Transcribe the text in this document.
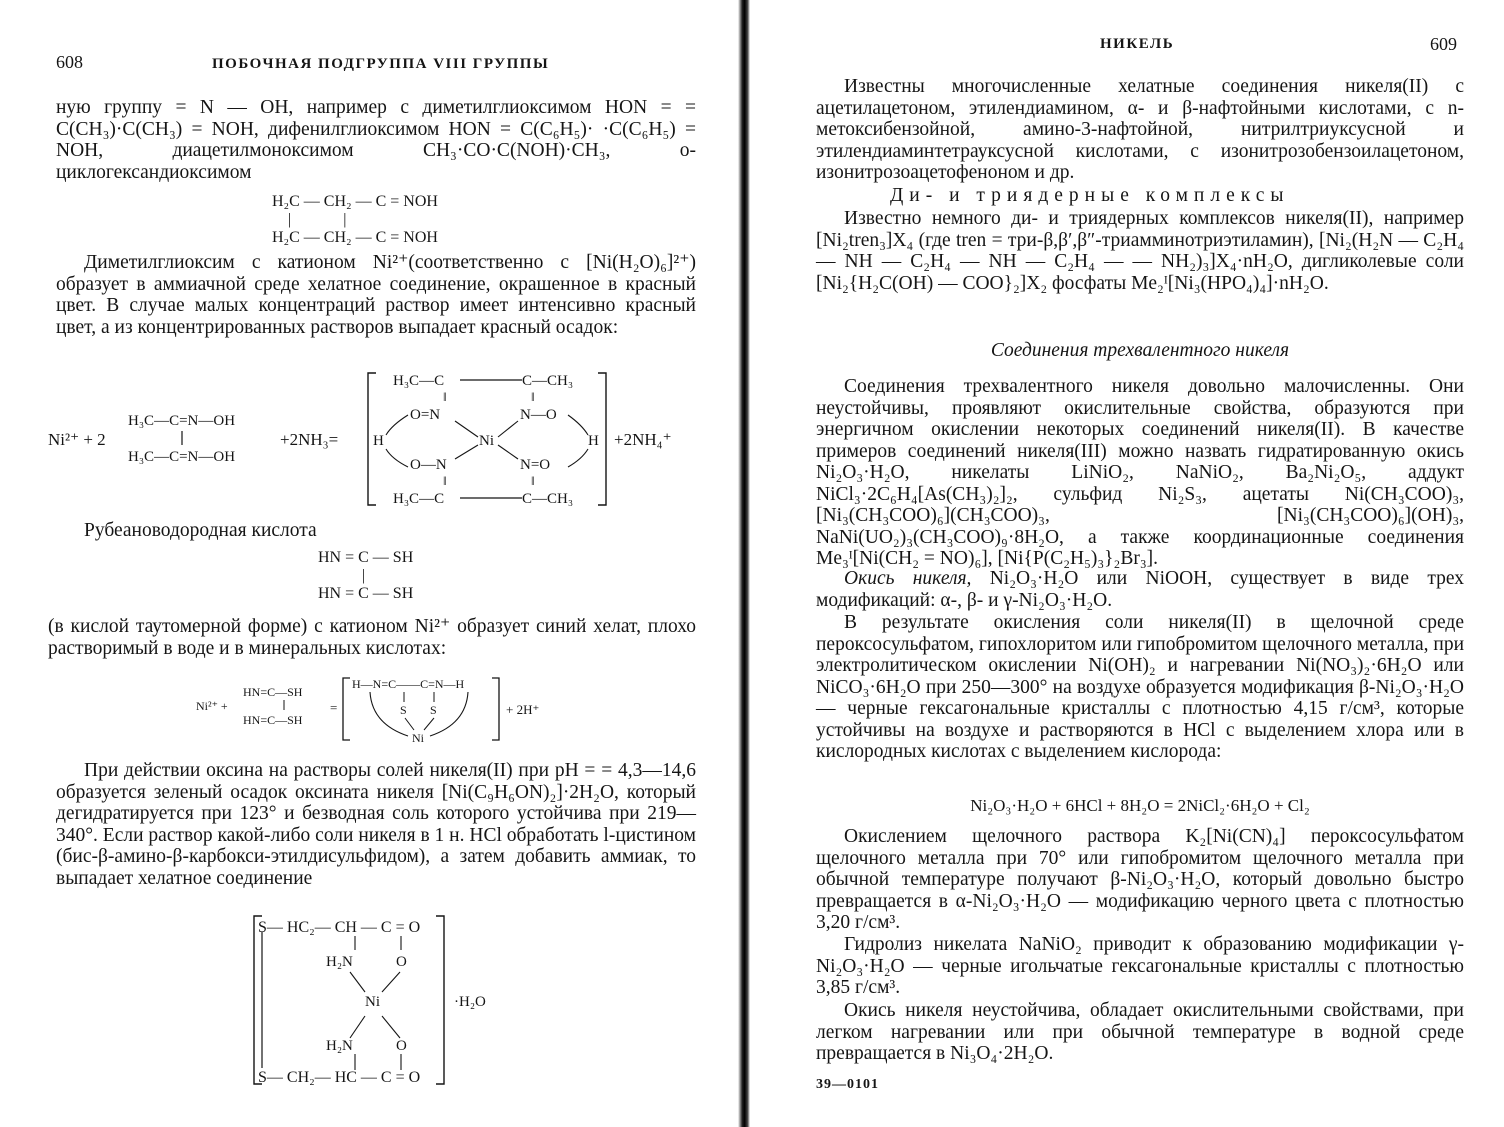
608	ПОБОЧНАЯ ПОДГРУППА VIII ГРУППЫ
ную группу = N — OH, например с диметилглиоксимом HON = = C(CH₃)·C(CH₃) = NOH, дифенилглиоксимом HON = C(C₆H₅)· ·C(C₆H₅) = NOH, диацетилмоноксимом CH₃·CO·C(NOH)·CH₃, о-циклогександиоксимом
H₂C — CH₂ — C = NOH
|             |
H₂C — CH₂ — C = NOH
Диметилглиоксим с катионом Ni²⁺(соответственно с [Ni(H₂O)₆]²⁺) образует в аммиачной среде хелатное соединение, окрашенное в красный цвет. В случае малых концентраций раствор имеет интенсивно красный цвет, а из концентрированных растворов выпадает красный осадок:
Ni²⁺ + 2
H₃C—C=N—OH
H₃C—C=N—OH
+2NH₃=
H₃C—C	C—CH₃
‖	‖
O=N	N—O
H	Ni	H
O—N	N=O
‖	‖
H₃C—C	C—CH₃
+2NH₄⁺
Рубеановодородная кислота
HN = C — SH
|
HN = C — SH
(в кислой таутомерной форме) с катионом Ni²⁺ образует синий хелат, плохо растворимый в воде и в минеральных кислотах:
Ni²⁺ +
HN=C—SH
HN=C—SH
=
H—N=C——C=N—H
S S
Ni
+ 2H⁺
При действии оксина на растворы солей никеля(II) при pH = = 4,3—14,6 образуется зеленый осадок оксината никеля [Ni(C₉H₆ON)₂]·2H₂O, который дегидратируется при 123° и безводная соль которого устойчива при 219—340°. Если раствор какой-либо соли никеля в 1 н. HCl обработать l-цистином (бис-β-амино-β-карбокси-этилдисульфидом), а затем добавить аммиак, то выпадает хелатное соединение
S— HC₂— CH — C = O
H₂N	O
Ni	·H₂O
H₂N	O
S— CH₂— HC — C = O
НИКЕЛЬ	609
Известны многочисленные хелатные соединения никеля(II) с ацетилацетоном, этилендиамином, α- и β-нафтойными кислотами, с n-метоксибензойной, амино-3-нафтойной, нитрилтриуксусной и этилендиаминтетрауксусной кислотами, с изонитрозобензоилацетоном, изонитрозоацетофеноном и др.
Ди- и триядерные комплексы
Известно немного ди- и триядерных комплексов никеля(II), например [Ni₂tren₃]X₄ (где tren = три-β,β′,β″-триамминотриэтиламин), [Ni₂(H₂N — C₂H₄ — NH — C₂H₄ — NH — C₂H₄ — — NH₂)₃]X₄·nH₂O, дигликолевые соли [Ni₂{H₂C(OH) — COO}₂]X₂ фосфаты Me₂ᴵ[Ni₃(HPO₄)₄]·nH₂O.
Соединения трехвалентного никеля
Соединения трехвалентного никеля довольно малочисленны. Они неустойчивы, проявляют окислительные свойства, образуются при энергичном окислении некоторых соединений никеля(II). В качестве примеров соединений никеля(III) можно назвать гидратированную окись Ni₂O₃·H₂O, никелаты LiNiO₂, NaNiO₂, Ba₂Ni₂O₅, аддукт NiCl₃·2C₆H₄[As(CH₃)₂]₂, сульфид Ni₂S₃, ацетаты Ni(CH₃COO)₃, [Ni₃(CH₃COO)₆](CH₃COO)₃, [Ni₃(CH₃COO)₆](OH)₃, NaNi(UO₂)₃(CH₃COO)₉·8H₂O, а также координационные соединения Me₃ᴵ[Ni(CH₂ = NO)₆], [Ni{P(C₂H₅)₃}₂Br₃].
Окись никеля, Ni₂O₃·H₂O или NiOOH, существует в виде трех модификаций: α-, β- и γ-Ni₂O₃·H₂O.
В результате окисления соли никеля(II) в щелочной среде пероксосульфатом, гипохлоритом или гипобромитом щелочного металла, при электролитическом окислении Ni(OH)₂ и нагревании Ni(NO₃)₂·6H₂O или NiCO₃·6H₂O при 250—300° на воздухе образуется модификация β-Ni₂O₃·H₂O — черные гексагональные кристаллы с плотностью 4,15 г/см³, которые устойчивы на воздухе и растворяются в HCl с выделением хлора или в кислородных кислотах с выделением кислорода:
Ni₂O₃·H₂O + 6HCl + 8H₂O = 2NiCl₂·6H₂O + Cl₂
Окислением щелочного раствора K₂[Ni(CN)₄] пероксосульфатом щелочного металла при 70° или гипобромитом щелочного металла при обычной температуре получают β-Ni₂O₃·H₂O, который довольно быстро превращается в α-Ni₂O₃·H₂O — модификацию черного цвета с плотностью 3,20 г/см³.
Гидролиз никелата NaNiO₂ приводит к образованию модификации γ-Ni₂O₃·H₂O — черные игольчатые гексагональные кристаллы с плотностью 3,85 г/см³.
Окись никеля неустойчива, обладает окислительными свойствами, при легком нагревании или при обычной температуре в водной среде превращается в Ni₃O₄·2H₂O.
39—0101
